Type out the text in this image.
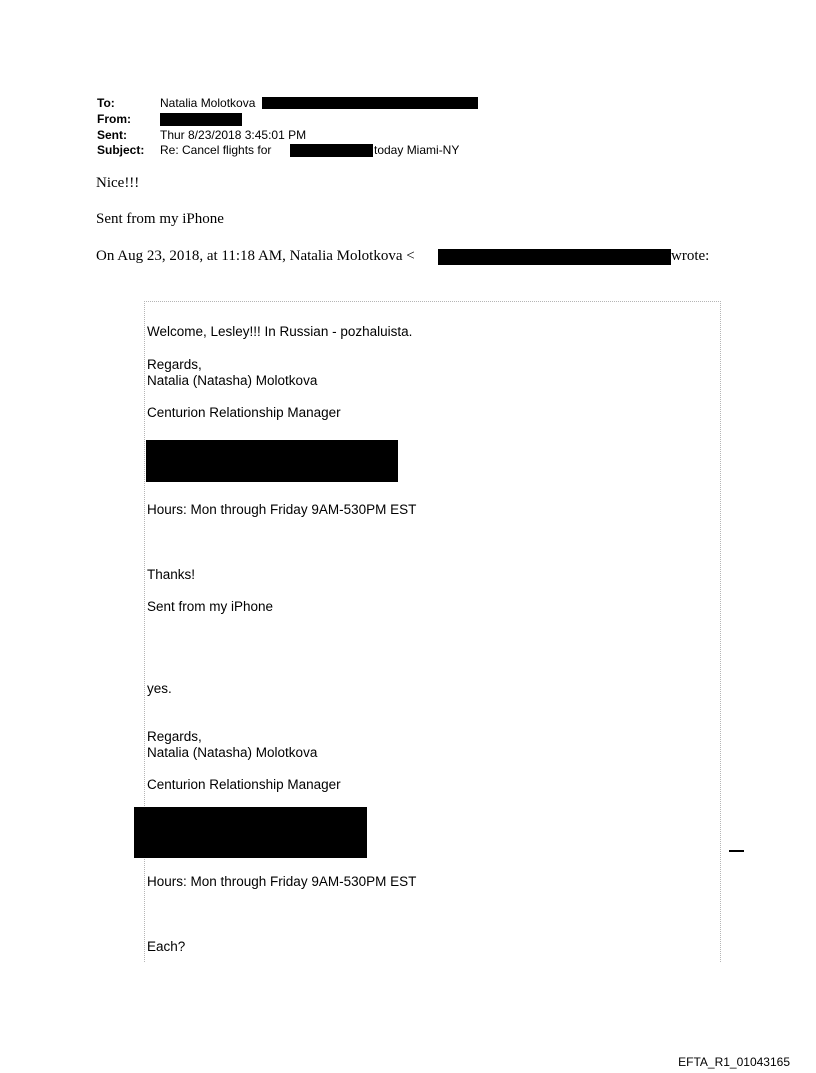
To:	Natalia Molotkova
From:
Sent:	Thur 8/23/2018 3:45:01 PM
Subject: Re: Cancel flights for	today Miami-NY
Nice!!!
Sent from my iPhone
On Aug 23, 2018, at 11:18 AM, Natalia Molotkova <	wrote:
Welcome, Lesley!!! In Russian - pozhaluista.
Regards,
Natalia (Natasha) Molotkova
Centurion Relationship Manager
Hours: Mon through Friday 9AM-530PM EST
Thanks!
Sent from my iPhone
yes.
Regards,
Natalia (Natasha) Molotkova
Centurion Relationship Manager
Hours: Mon through Friday 9AM-530PM EST
Each?
EFTA_R1_01043165
